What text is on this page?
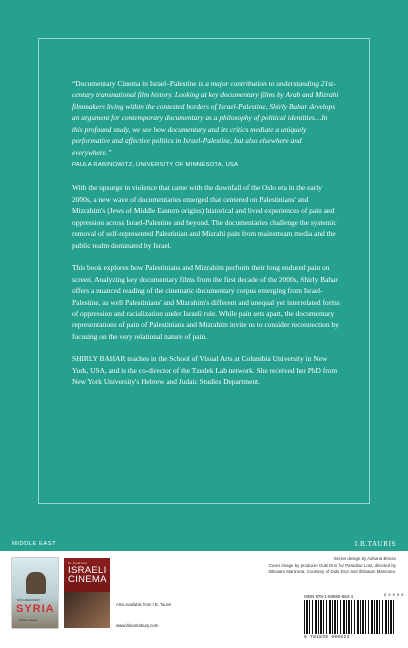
“Documentary Cinema in Israel–Palestine is a major contribution to understanding 21st-century transnational film history. Looking at key documentary films by Arab and Mizrahi filmmakers living within the contested borders of Israel-Palestine, Shirly Bahar develops an argument for contemporary documentary as a philosophy of political identities…In this profound study, we see how documentary and its critics mediate a uniquely performative and affective politics in Israel-Palestine, but also elsewhere and everywhere.”

PAULA RABINOWITZ, UNIVERSITY OF MINNESOTA, USA

With the upsurge in violence that came with the downfall of the Oslo era in the early 2000s, a new wave of documentaries emerged that centered on Palestinians' and Mizrahim's (Jews of Middle Eastern origins) historical and lived experiences of pain and oppression across Israel-Palestine and beyond. The documentaries challenge the systemic removal of self-represented Palestinian and Mizrahi pain from mainstream media and the public realm dominated by Israel.

This book explores how Palestinians and Mizrahim perform their long endured pain on screen. Analyzing key documentary films from the first decade of the 2000s, Shirly Bahar offers a nuanced reading of the cinematic documentary corpus emerging from Israel-Palestine, as well Palestinians' and Mizrahim's different and unequal yet interrelated forms of oppression and racialization under Israeli rule. While pain sets apart, the documentary representations of pain of Palestinians and Mizrahim invite us to consider reconnection by focusing on the very relational nature of pain.

SHIRLY BAHAR teaches in the School of Visual Arts at Columbia University in New York, USA, and is the co-director of the Tzedek Lab network. She received her PhD from New York University's Hebrew and Judaic Studies Department.

MIDDLE EAST	I.B.TAURIS
DOCUMENTARY
SYRIA
Joshua Hagen
Dr. Yuval Anat
ISRAELI CINEMA
Also available from I.B. Tauris
www.bloomsbury.com
Series design by Adriana Brioso
Cover image by producer Duki Dror for Paradise Lost, directed by
Ibtisaam Mara'ana. Courtesy of Duki Dror and Ibtisaam Mara'ana.
ISBN 978-1-83860-662-4	9 0 0 0 0
9 781838 606624
